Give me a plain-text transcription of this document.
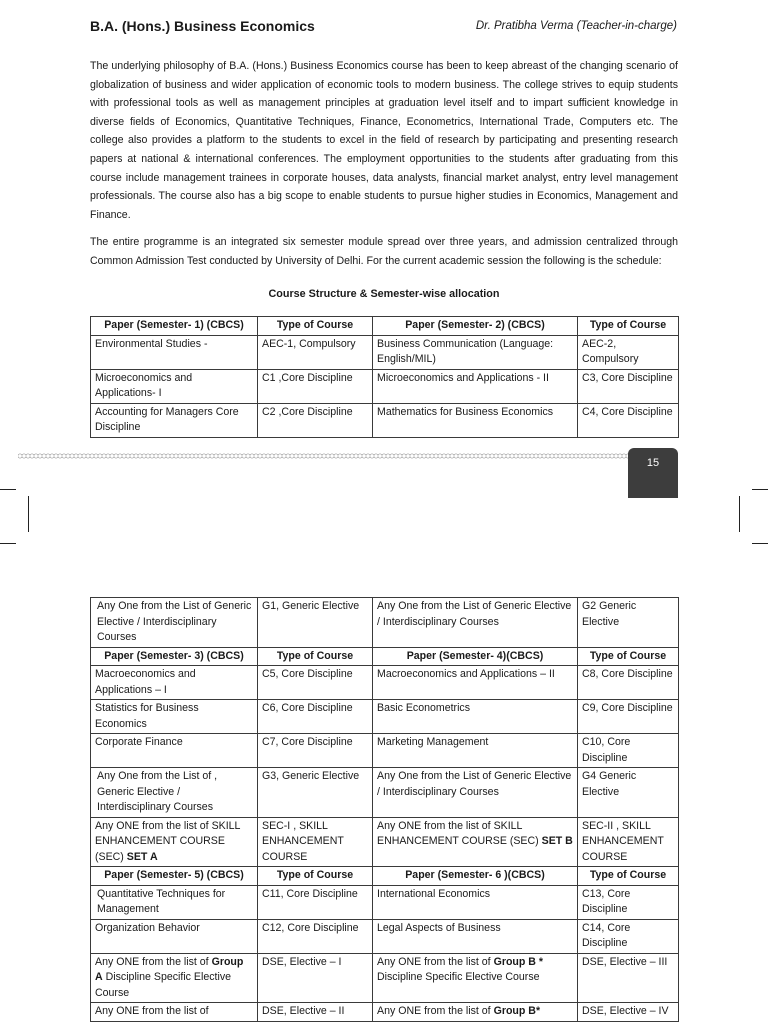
B.A. (Hons.) Business Economics	Dr. Pratibha Verma (Teacher-in-charge)

The underlying philosophy of B.A. (Hons.) Business Economics course has been to keep abreast of the changing scenario of globalization of business and wider application of economic tools to modern business. The college strives to equip students with professional tools as well as management principles at graduation level itself and to impart sufficient knowledge in diverse fields of Economics, Quantitative Techniques, Finance, Econometrics, International Trade, Computers etc. The college also provides a platform to the students to excel in the field of research by participating and presenting research papers at national & international conferences. The employment opportunities to the students after graduating from this course include management trainees in corporate houses, data analysts, financial market analyst, entry level management professionals. The course also has a big scope to enable students to pursue higher studies in Economics, Management and Finance.

The entire programme is an integrated six semester module spread over three years, and admission centralized through Common Admission Test conducted by University of Delhi. For the current academic session the following is the schedule:

Course Structure & Semester-wise allocation
Paper (Semester- 1) (CBCS)	Type of Course	Paper (Semester- 2) (CBCS)	Type of Course
Environmental Studies -	AEC-1, Compulsory	Business Communication (Language: English/MIL)	AEC-2, Compulsory
Microeconomics and Applications- I	C1 ,Core Discipline	Microeconomics and Applications - II	C3, Core Discipline
Accounting for Managers Core Discipline	C2 ,Core Discipline	Mathematics for Business Economics	C4, Core Discipline
15
Any One from the List of Generic Elective / Interdisciplinary Courses	G1, Generic Elective	Any One from the List of Generic Elective / Interdisciplinary Courses	G2 Generic Elective
Paper (Semester- 3) (CBCS)	Type of Course	Paper (Semester- 4)(CBCS)	Type of Course
Macroeconomics and Applications – I	C5, Core Discipline	Macroeconomics and Applications – II	C8, Core Discipline
Statistics for Business Economics	C6, Core Discipline	Basic Econometrics	C9, Core Discipline
Corporate Finance	C7, Core Discipline	Marketing Management	C10, Core Discipline
Any One from the List of , Generic Elective / Interdisciplinary Courses	G3, Generic Elective	Any One from the List of Generic Elective / Interdisciplinary Courses	G4 Generic Elective
Any ONE from the list of SKILL ENHANCEMENT COURSE (SEC) SET A	SEC-I , SKILL ENHANCEMENT COURSE	Any ONE from the list of SKILL ENHANCEMENT COURSE (SEC) SET B	SEC-II , SKILL ENHANCEMENT COURSE
Paper (Semester- 5) (CBCS)	Type of Course	Paper (Semester- 6 )(CBCS)	Type of Course
Quantitative Techniques for Management	C11, Core Discipline	International Economics	C13, Core Discipline
Organization Behavior	C12, Core Discipline	Legal Aspects of Business	C14, Core Discipline
Any ONE from the list of Group A Discipline Specific Elective Course	DSE, Elective – I	Any ONE from the list of Group B * Discipline Specific Elective Course	DSE, Elective – III
Any ONE from the list of	DSE, Elective – II	Any ONE from the list of Group B*	DSE, Elective – IV
